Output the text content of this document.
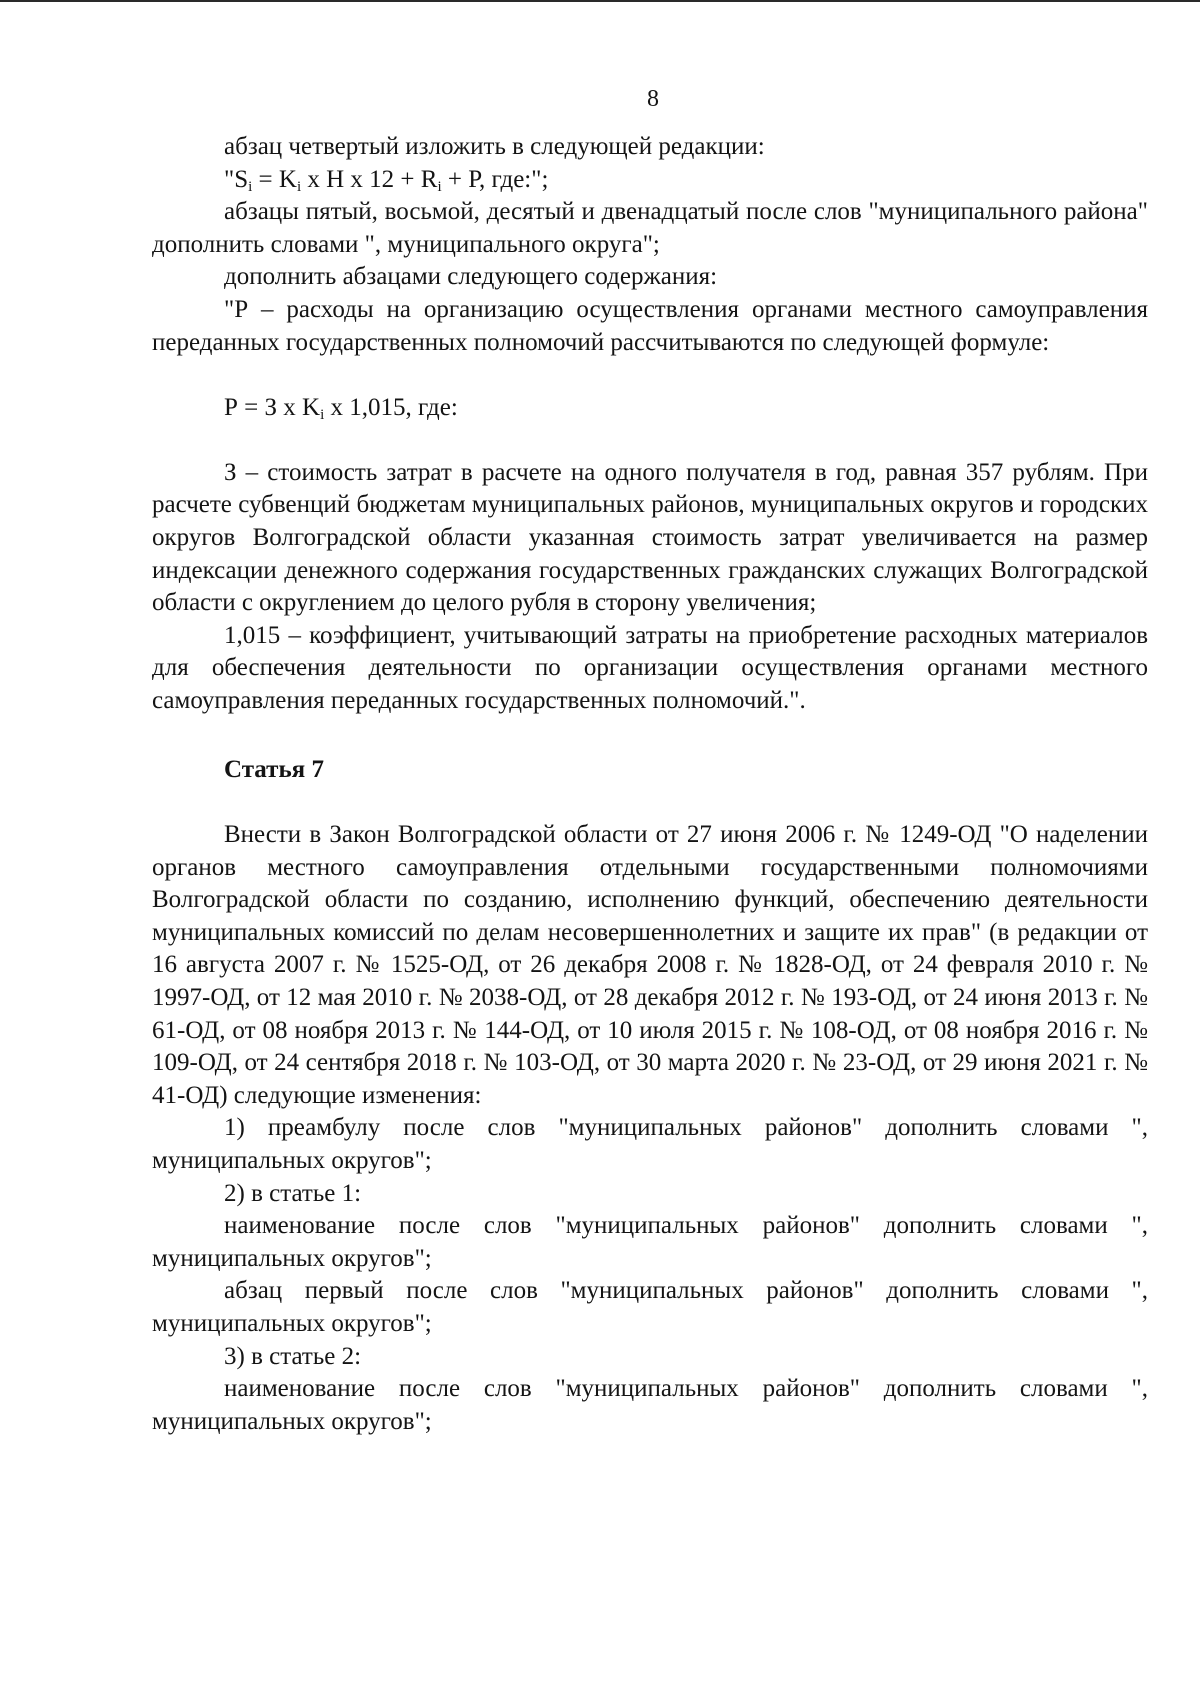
8

абзац четвертый изложить в следующей редакции:

"$S_i = K_i$ x Н x $12 + R_i + Р$, где:";

абзацы пятый, восьмой, десятый и двенадцатый после слов "муниципального района" дополнить словами ", муниципального округа";

дополнить абзацами следующего содержания:

"Р – расходы на организацию осуществления органами местного самоуправления переданных государственных полномочий рассчитываются по следующей формуле:

Р = З x $K_i$ x 1,015, где:

З – стоимость затрат в расчете на одного получателя в год, равная 357 рублям. При расчете субвенций бюджетам муниципальных районов, муниципальных округов и городских округов Волгоградской области указанная стоимость затрат увеличивается на размер индексации денежного содержания государственных гражданских служащих Волгоградской области с округлением до целого рубля в сторону увеличения;

1,015 – коэффициент, учитывающий затраты на приобретение расходных материалов для обеспечения деятельности по организации осуществления органами местного самоуправления переданных государственных полномочий.".

Статья 7

Внести в Закон Волгоградской области от 27 июня 2006 г. № 1249-ОД "О наделении органов местного самоуправления отдельными государственными полномочиями Волгоградской области по созданию, исполнению функций, обеспечению деятельности муниципальных комиссий по делам несовершеннолетних и защите их прав" (в редакции от 16 августа 2007 г. № 1525-ОД, от 26 декабря 2008 г. № 1828-ОД, от 24 февраля 2010 г. № 1997-ОД, от 12 мая 2010 г. № 2038-ОД, от 28 декабря 2012 г. № 193-ОД, от 24 июня 2013 г. № 61-ОД, от 08 ноября 2013 г. № 144-ОД, от 10 июля 2015 г. № 108-ОД, от 08 ноября 2016 г. № 109-ОД, от 24 сентября 2018 г. № 103-ОД, от 30 марта 2020 г. № 23-ОД, от 29 июня 2021 г. № 41-ОД) следующие изменения:

1) преамбулу после слов "муниципальных районов" дополнить словами ", муниципальных округов";

2) в статье 1:

наименование после слов "муниципальных районов" дополнить словами ", муниципальных округов";

абзац первый после слов "муниципальных районов" дополнить словами ", муниципальных округов";

3) в статье 2:

наименование после слов "муниципальных районов" дополнить словами ", муниципальных округов";
